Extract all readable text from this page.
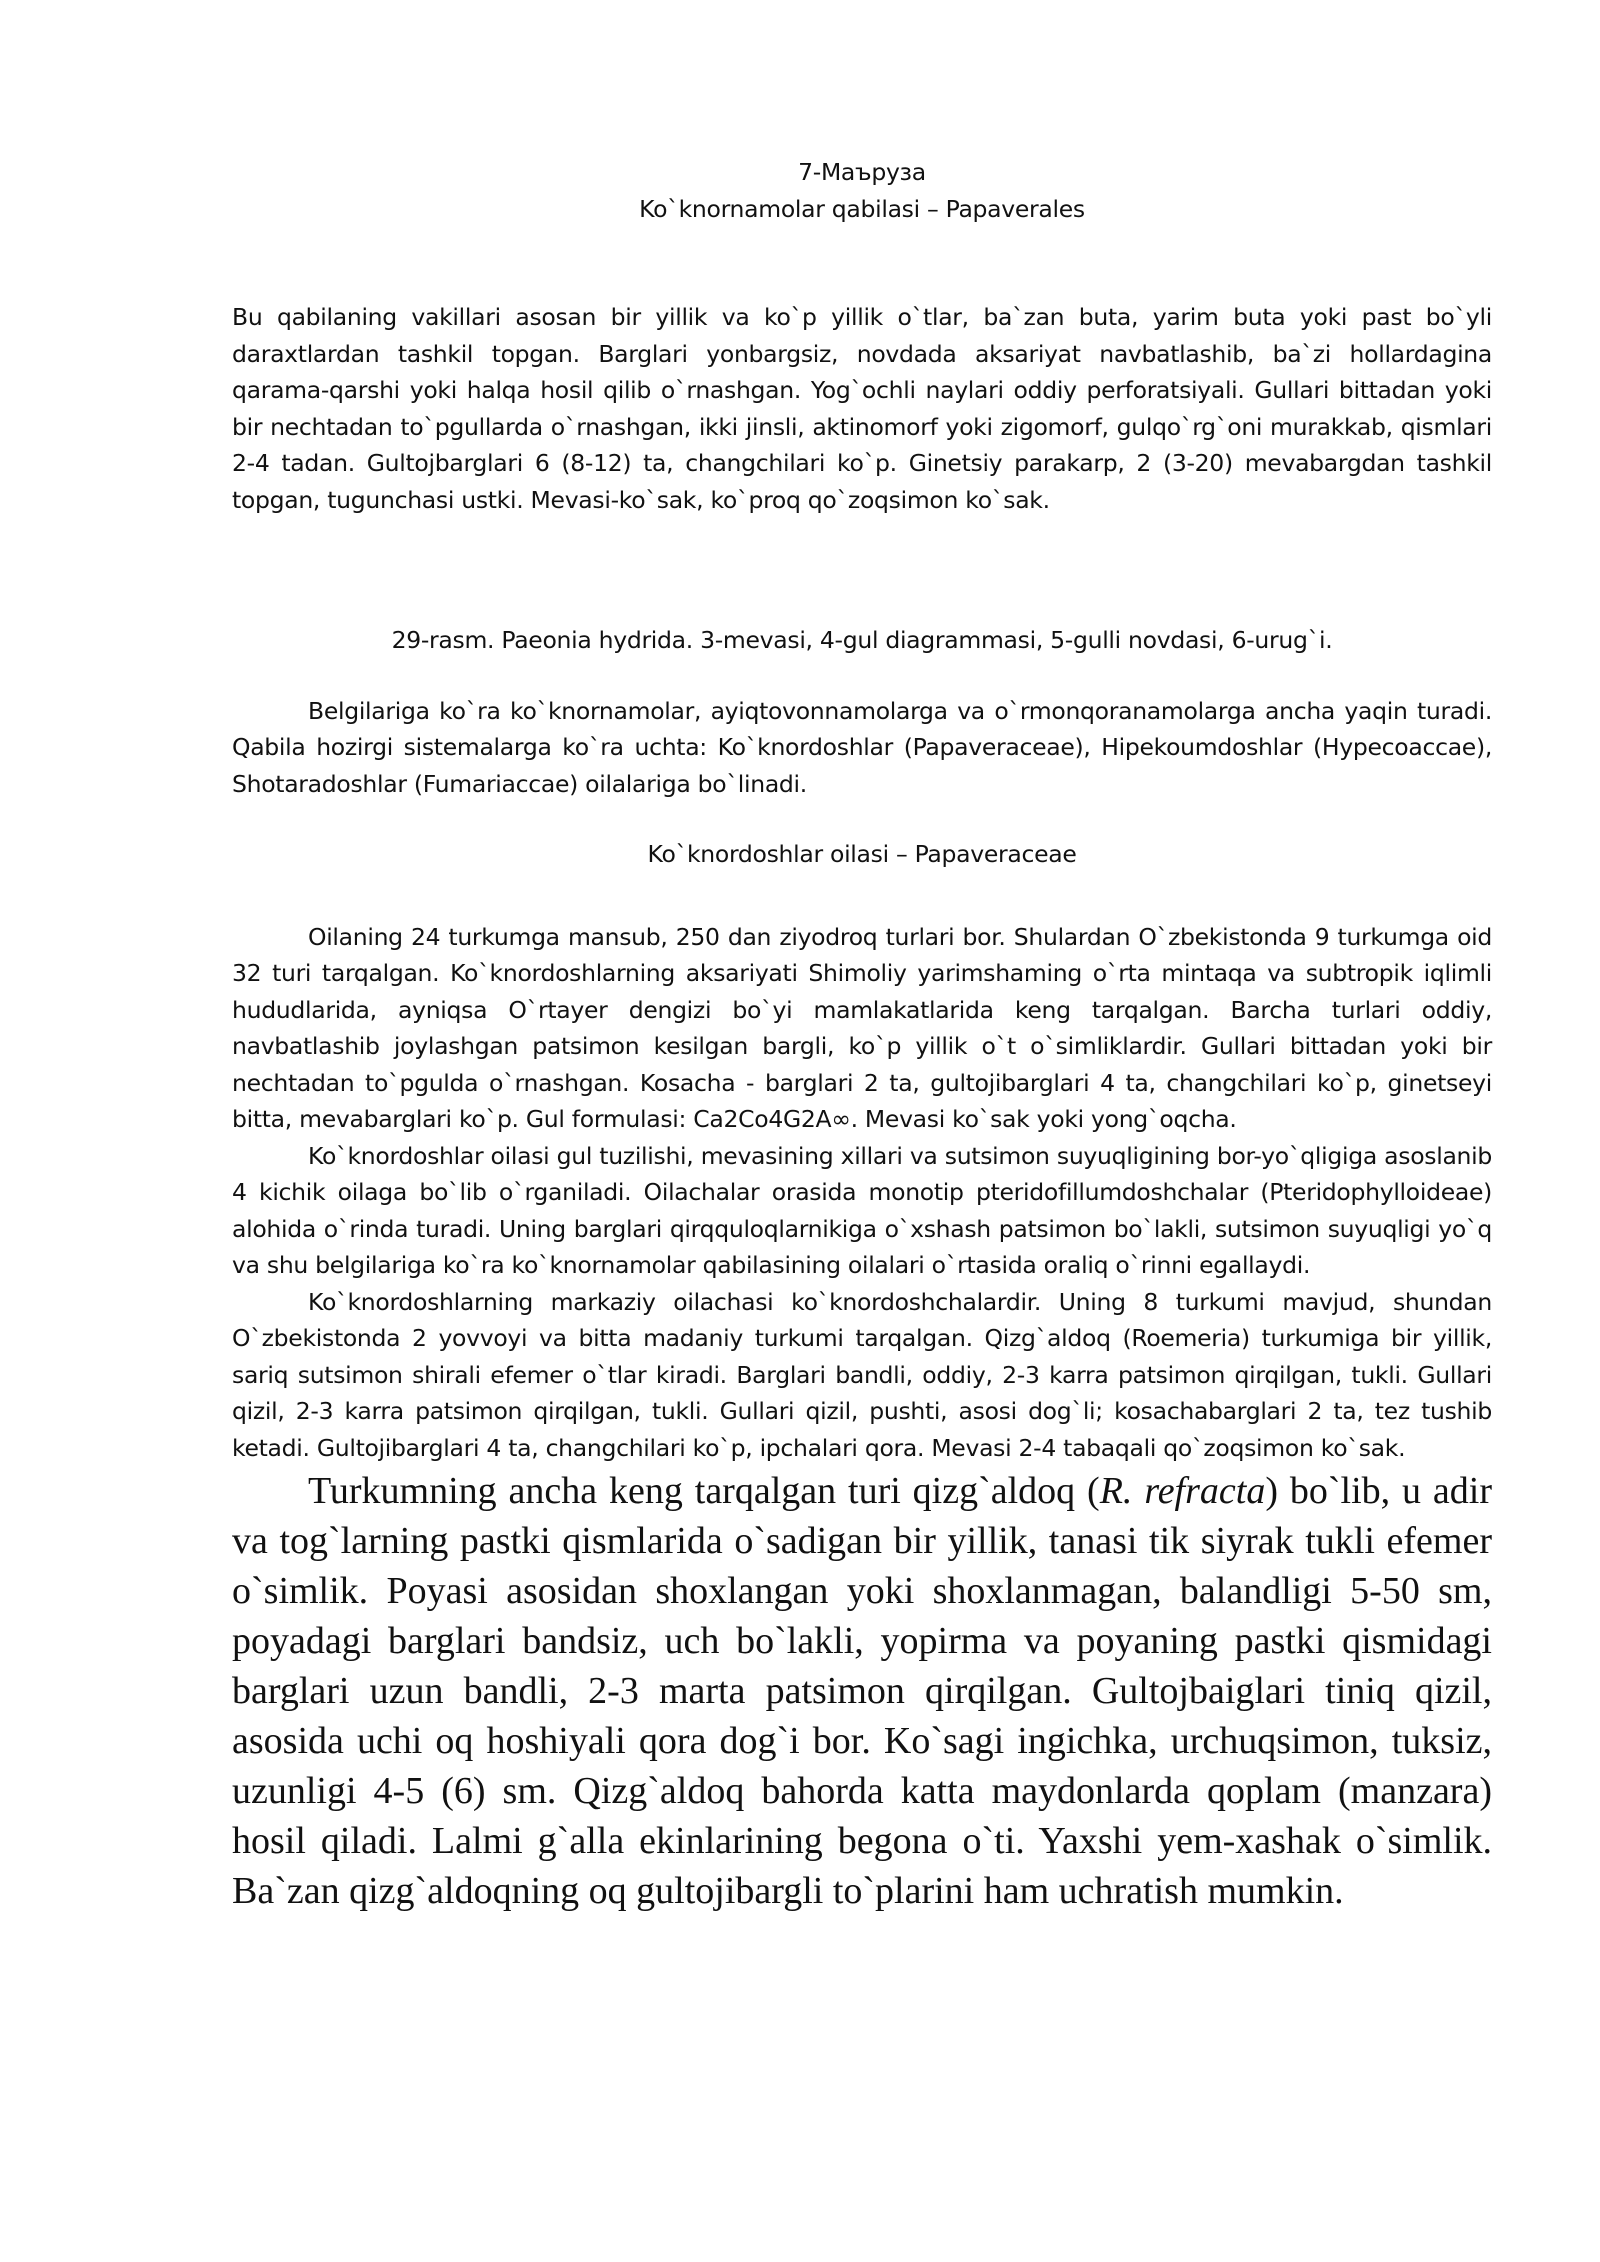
7-Маъруза

Ko`knornamolar qabilasi – Papaverales

Bu qabilaning vakillari asosan bir yillik va ko`p yillik o`tlar, ba`zan buta, yarim buta yoki past bo`yli daraxtlardan tashkil topgan. Barglari yonbargsiz, novdada aksariyat navbatlashib, ba`zi hollardagina qarama-qarshi yoki halqa hosil qilib o`rnashgan. Yog`ochli naylari oddiy perforatsiyali. Gullari bittadan yoki bir nechtadan to`pgullarda o`rnashgan, ikki jinsli, aktinomorf yoki zigomorf, gulqo`rg`oni murakkab, qismlari 2-4 tadan. Gultojbarglari 6 (8-12) ta, changchilari ko`p. Ginetsiy parakarp, 2 (3-20) mevabargdan tashkil topgan, tugunchasi ustki. Mevasi-ko`sak, ko`proq qo`zoqsimon ko`sak.

29-rasm. Paeonia hydrida. 3-mevasi, 4-gul diagrammasi, 5-gulli novdasi, 6-urug`i.

Belgilariga ko`ra ko`knornamolar, ayiqtovonnamolarga va o`rmonqoranamolarga ancha yaqin turadi. Qabila hozirgi sistemalarga ko`ra uchta: Ko`knordoshlar (Papaveraceae), Hipekoumdoshlar (Hypecoaccae), Shotaradoshlar (Fumariaccae) oilalariga bo`linadi.

Ko`knordoshlar oilasi – Papaveraceae

Oilaning 24 turkumga mansub, 250 dan ziyodroq turlari bor. Shulardan O`zbekistonda 9 turkumga oid 32 turi tarqalgan. Ko`knordoshlarning aksariyati Shimoliy yarimshaming o`rta mintaqa va subtropik iqlimli hududlarida, ayniqsa O`rtayer dengizi bo`yi mamlakatlarida keng tarqalgan. Barcha turlari oddiy, navbatlashib joylashgan patsimon kesilgan bargli, ko`p yillik o`t o`simliklardir. Gullari bittadan yoki bir nechtadan to`pgulda o`rnashgan. Kosacha - barglari 2 ta, gultojibarglari 4 ta, changchilari ko`p, ginetseyi bitta, mevabarglari ko`p. Gul formulasi: Ca2Co4G2A∞. Mevasi ko`sak yoki yong`oqcha.

Ko`knordoshlar oilasi gul tuzilishi, mevasining xillari va sutsimon suyuqligining bor-yo`qligiga asoslanib 4 kichik oilaga bo`lib o`rganiladi. Oilachalar orasida monotip pteridofillumdoshchalar (Pteridophylloideae) alohida o`rinda turadi. Uning barglari qirqquloqlarnikiga o`xshash patsimon bo`lakli, sutsimon suyuqligi yo`q va shu belgilariga ko`ra ko`knornamolar qabilasining oilalari o`rtasida oraliq o`rinni egallaydi.

Ko`knordoshlarning markaziy oilachasi ko`knordoshchalardir. Uning 8 turkumi mavjud, shundan O`zbekistonda 2 yovvoyi va bitta madaniy turkumi tarqalgan. Qizg`aldoq (Roemeria) turkumiga bir yillik, sariq sutsimon shirali efemer o`tlar kiradi. Barglari bandli, oddiy, 2-3 karra patsimon qirqilgan, tukli. Gullari qizil, 2-3 karra patsimon qirqilgan, tukli. Gullari qizil, pushti, asosi dog`li; kosachabarglari 2 ta, tez tushib ketadi. Gultojibarglari 4 ta, changchilari ko`p, ipchalari qora. Mevasi 2-4 tabaqali qo`zoqsimon ko`sak.

Turkumning ancha keng tarqalgan turi qizg`aldoq (R. refracta) bo`lib, u adir va tog`larning pastki qismlarida o`sadigan bir yillik, tanasi tik siyrak tukli efemer o`simlik. Poyasi asosidan shoxlangan yoki shoxlanmagan, balandligi 5-50 sm, poyadagi barglari bandsiz, uch bo`lakli, yopirma va poyaning pastki qismidagi barglari uzun bandli, 2-3 marta patsimon qirqilgan. Gultojbaiglari tiniq qizil, asosida uchi oq hoshiyali qora dog`i bor. Ko`sagi ingichka, urchuqsimon, tuksiz, uzunligi 4-5 (6) sm. Qizg`aldoq bahorda katta maydonlarda qoplam (manzara) hosil qiladi. Lalmi g`alla ekinlarining begona o`ti. Yaxshi yem-xashak o`simlik. Ba`zan qizg`aldoqning oq gultojibargli to`plarini ham uchratish mumkin.
